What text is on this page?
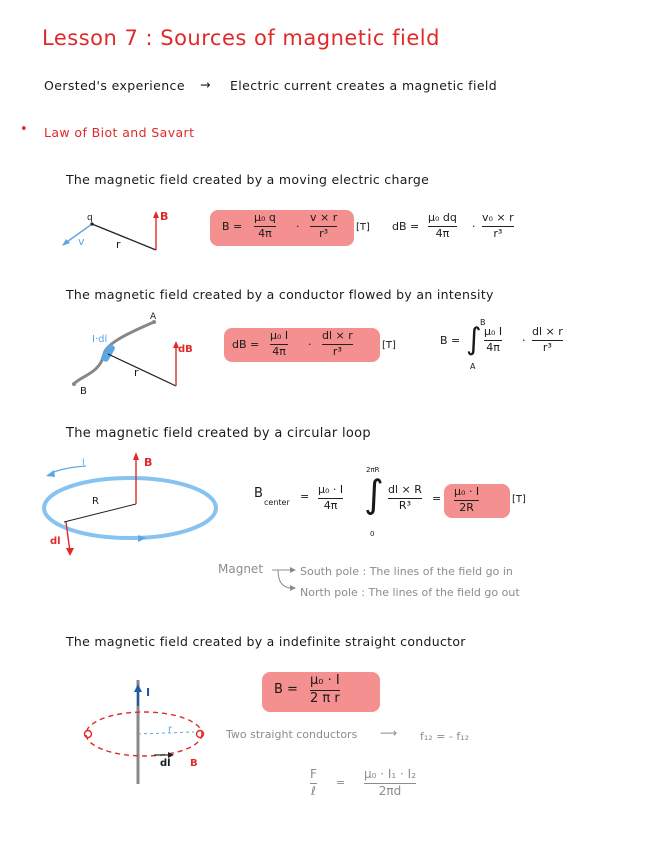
Lesson 7 : Sources of magnetic field
Oersted's experience → Electric current creates a magnetic field
• Law of Biot and Savart
The magnetic field created by a moving electric charge
q
v	r
B
B =
μ₀ q
4π
·
v × r
r³	[T] dB =
μ₀ dq
4π
·
v₀ × r
r³
The magnetic field created by a conductor flowed by an intensity
I·dl
A
B
r
dB	dB =
μ₀ I
4π
·
dl × r
r³	[T]	B = ∫
B
A
μ₀ I
4π
·
dl × r
r³
The magnetic field created by a circular loop
I	B
R
dl
B
center =
μ₀ · I
4π ∫
2πR
0
dl × R
R³
=
μ₀ · I
2R
[T]
Magnet	South pole : The lines of the field go in
North pole : The lines of the field go out
The magnetic field created by a indefinite straight conductor
I
r
dl B
B =
μ₀ · I
2 π r
Two straight conductors ⟶ f₁₂ = - f₁₂
F
ℓ
=
μ₀ · I₁ · I₂
2πd
